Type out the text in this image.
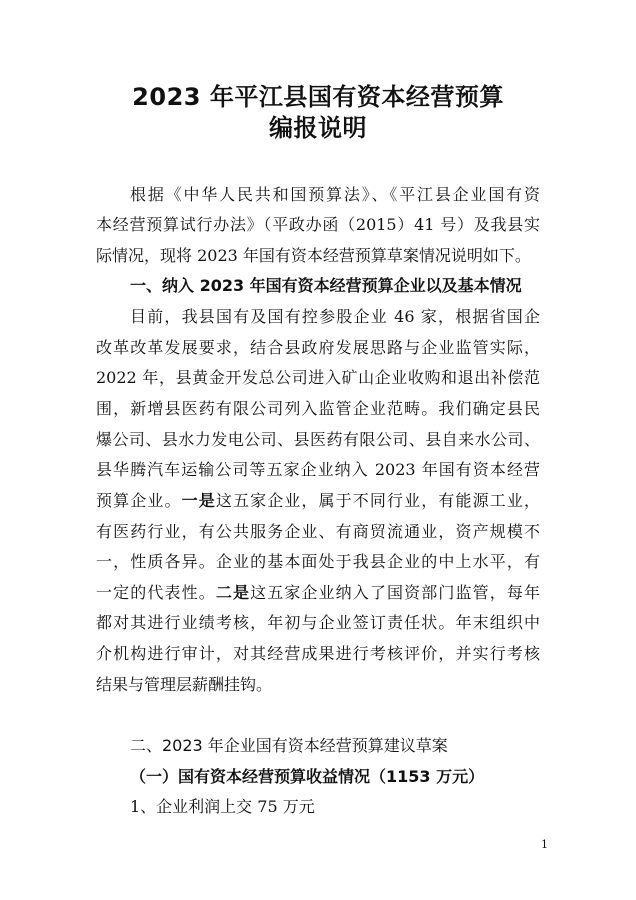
2023 年平江县国有资本经营预算
编报说明
根据《中华人民共和国预算法》、《平江县企业国有资
本经营预算试行办法》（平政办函（2015）41 号）及我县实
际情况，现将 2023 年国有资本经营预算草案情况说明如下。
一、纳入 2023 年国有资本经营预算企业以及基本情况
目前，我县国有及国有控参股企业 46 家，根据省国企
改革改革发展要求，结合县政府发展思路与企业监管实际，
2022 年，县黄金开发总公司进入矿山企业收购和退出补偿范
围，新增县医药有限公司列入监管企业范畴。我们确定县民
爆公司、县水力发电公司、县医药有限公司、县自来水公司、
县华腾汽车运输公司等五家企业纳入 2023 年国有资本经营
预算企业。一是这五家企业，属于不同行业，有能源工业，
有医药行业，有公共服务企业、有商贸流通业，资产规模不
一，性质各异。企业的基本面处于我县企业的中上水平，有
一定的代表性。二是这五家企业纳入了国资部门监管，每年
都对其进行业绩考核，年初与企业签订责任状。年末组织中
介机构进行审计，对其经营成果进行考核评价，并实行考核
结果与管理层薪酬挂钩。
二、2023 年企业国有资本经营预算建议草案
（一）国有资本经营预算收益情况（1153 万元）
1、企业利润上交 75 万元
1
